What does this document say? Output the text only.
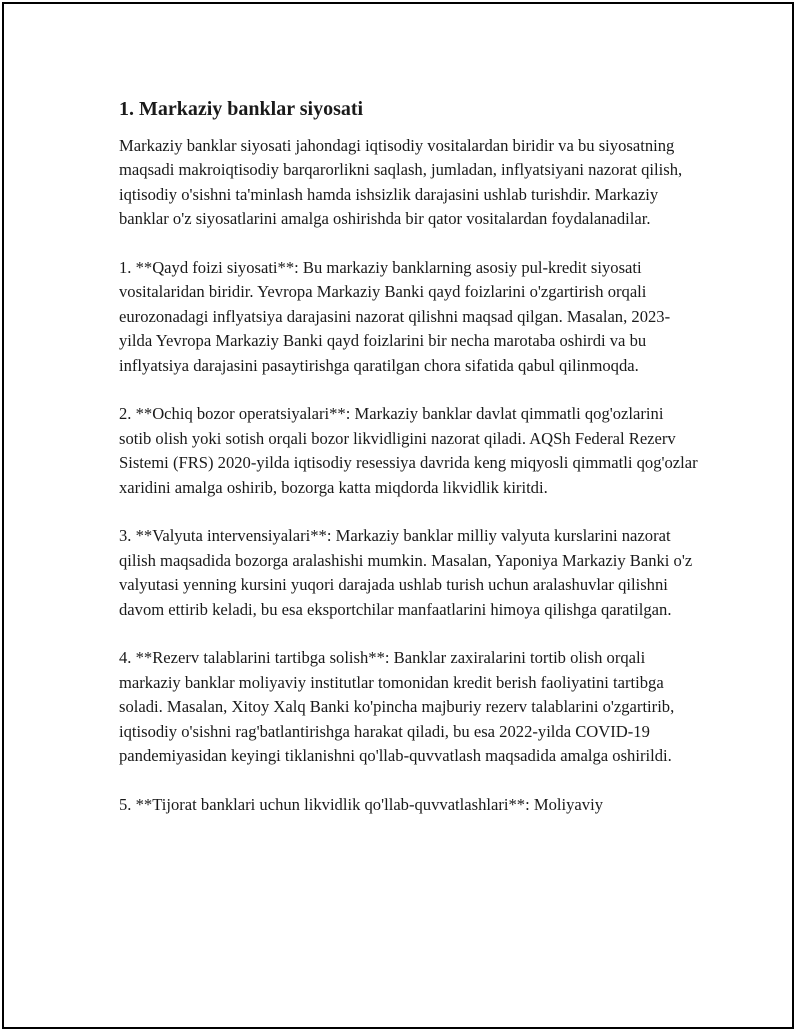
1. Markaziy banklar siyosati

Markaziy banklar siyosati jahondagi iqtisodiy vositalardan biridir va bu siyosatning maqsadi makroiqtisodiy barqarorlikni saqlash, jumladan, inflyatsiyani nazorat qilish, iqtisodiy o'sishni ta'minlash hamda ishsizlik darajasini ushlab turishdir. Markaziy banklar o'z siyosatlarini amalga oshirishda bir qator vositalardan foydalanadilar.

1. **Qayd foizi siyosati**: Bu markaziy banklarning asosiy pul-kredit siyosati vositalaridan biridir. Yevropa Markaziy Banki qayd foizlarini o'zgartirish orqali eurozonadagi inflyatsiya darajasini nazorat qilishni maqsad qilgan. Masalan, 2023-yilda Yevropa Markaziy Banki qayd foizlarini bir necha marotaba oshirdi va bu inflyatsiya darajasini pasaytirishga qaratilgan chora sifatida qabul qilinmoqda.

2. **Ochiq bozor operatsiyalari**: Markaziy banklar davlat qimmatli qog'ozlarini sotib olish yoki sotish orqali bozor likvidligini nazorat qiladi. AQSh Federal Rezerv Sistemi (FRS) 2020-yilda iqtisodiy resessiya davrida keng miqyosli qimmatli qog'ozlar xaridini amalga oshirib, bozorga katta miqdorda likvidlik kiritdi.

3. **Valyuta intervensiyalari**: Markaziy banklar milliy valyuta kurslarini nazorat qilish maqsadida bozorga aralashishi mumkin. Masalan, Yaponiya Markaziy Banki o'z valyutasi yenning kursini yuqori darajada ushlab turish uchun aralashuvlar qilishni davom ettirib keladi, bu esa eksportchilar manfaatlarini himoya qilishga qaratilgan.

4. **Rezerv talablarini tartibga solish**: Banklar zaxiralarini tortib olish orqali markaziy banklar moliyaviy institutlar tomonidan kredit berish faoliyatini tartibga soladi. Masalan, Xitoy Xalq Banki ko'pincha majburiy rezerv talablarini o'zgartirib, iqtisodiy o'sishni rag'batlantirishga harakat qiladi, bu esa 2022-yilda COVID-19 pandemiyasidan keyingi tiklanishni qo'llab-quvvatlash maqsadida amalga oshirildi.

5. **Tijorat banklari uchun likvidlik qo'llab-quvvatlashlari**: Moliyaviy
